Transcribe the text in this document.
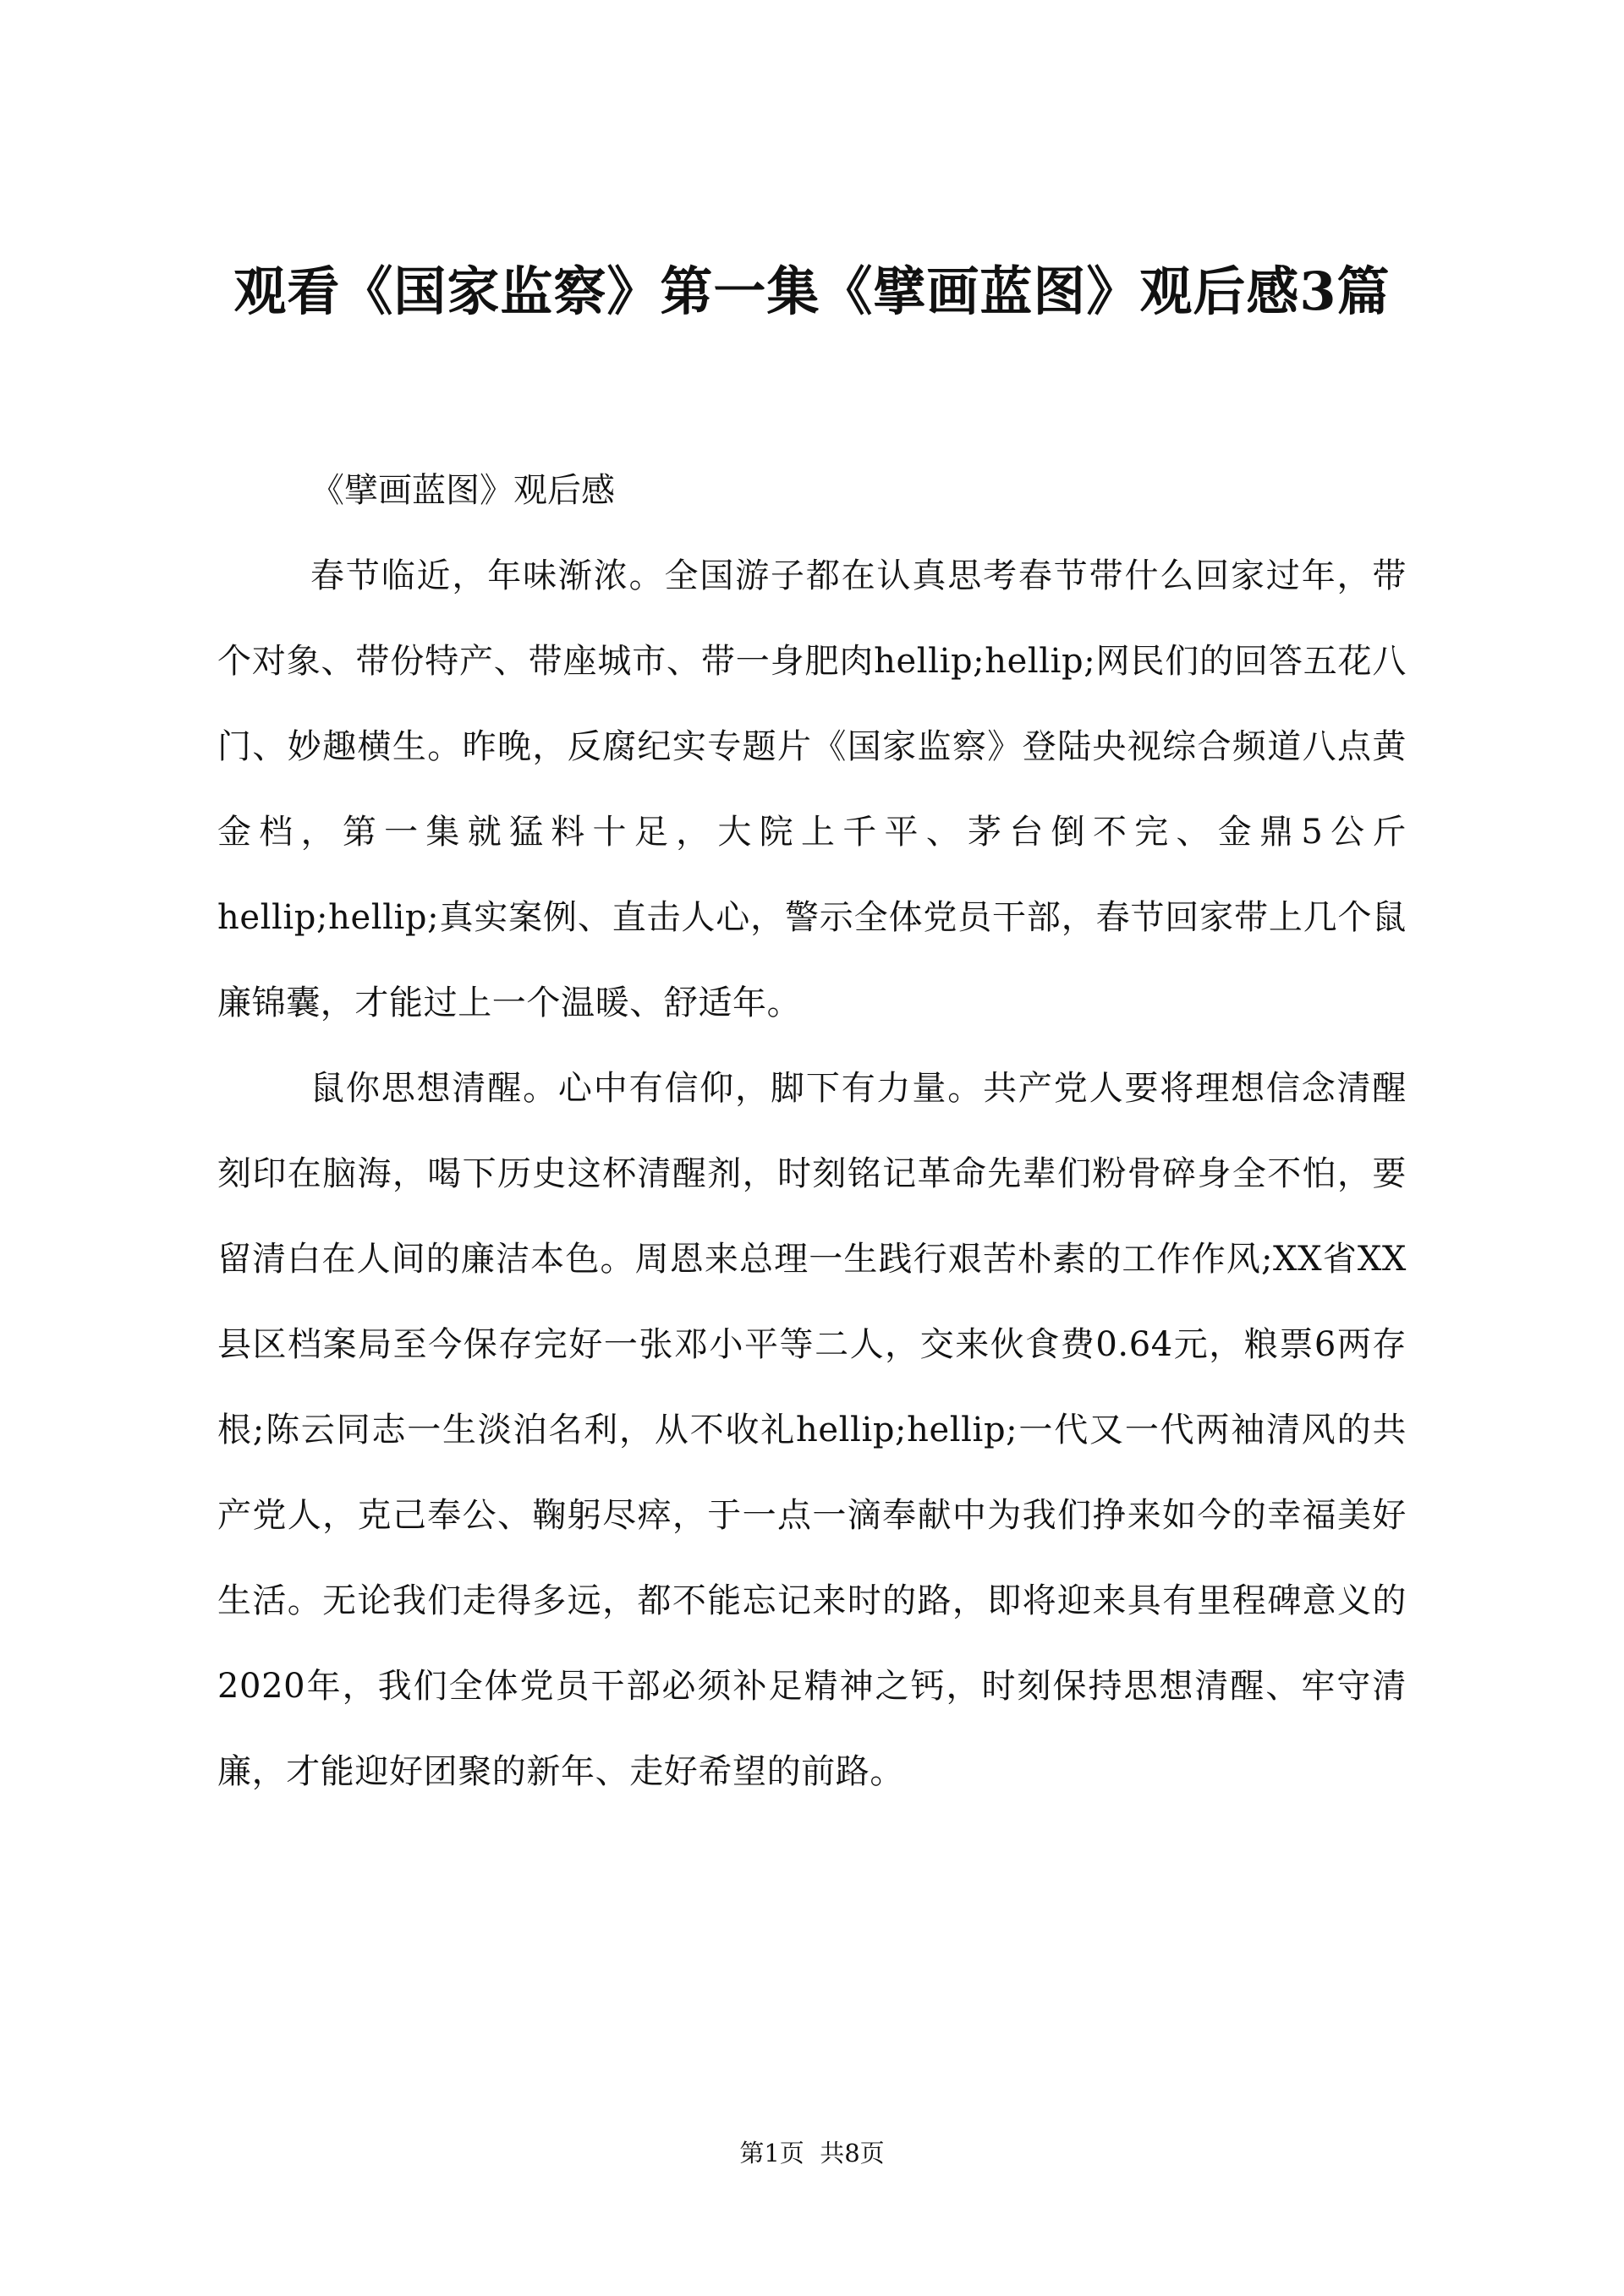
观看《国家监察》第一集《擘画蓝图》观后感3篇

《擘画蓝图》观后感

春节临近，年味渐浓。全国游子都在认真思考春节带什么回家过年，带个对象、带份特产、带座城市、带一身肥肉hellip;hellip;网民们的回答五花八门、妙趣横生。昨晚，反腐纪实专题片《国家监察》登陆央视综合频道八点黄金档，第一集就猛料十足，大院上千平、茅台倒不完、金鼎5公斤hellip;hellip;真实案例、直击人心，警示全体党员干部，春节回家带上几个鼠廉锦囊，才能过上一个温暖、舒适年。

鼠你思想清醒。心中有信仰，脚下有力量。共产党人要将理想信念清醒刻印在脑海，喝下历史这杯清醒剂，时刻铭记革命先辈们粉骨碎身全不怕，要留清白在人间的廉洁本色。周恩来总理一生践行艰苦朴素的工作作风;XX省XX县区档案局至今保存完好一张邓小平等二人，交来伙食费0.64元，粮票6两存根;陈云同志一生淡泊名利，从不收礼hellip;hellip;一代又一代两袖清风的共产党人，克己奉公、鞠躬尽瘁，于一点一滴奉献中为我们挣来如今的幸福美好生活。无论我们走得多远，都不能忘记来时的路，即将迎来具有里程碑意义的2020年，我们全体党员干部必须补足精神之钙，时刻保持思想清醒、牢守清廉，才能迎好团聚的新年、走好希望的前路。

第1页  共8页
